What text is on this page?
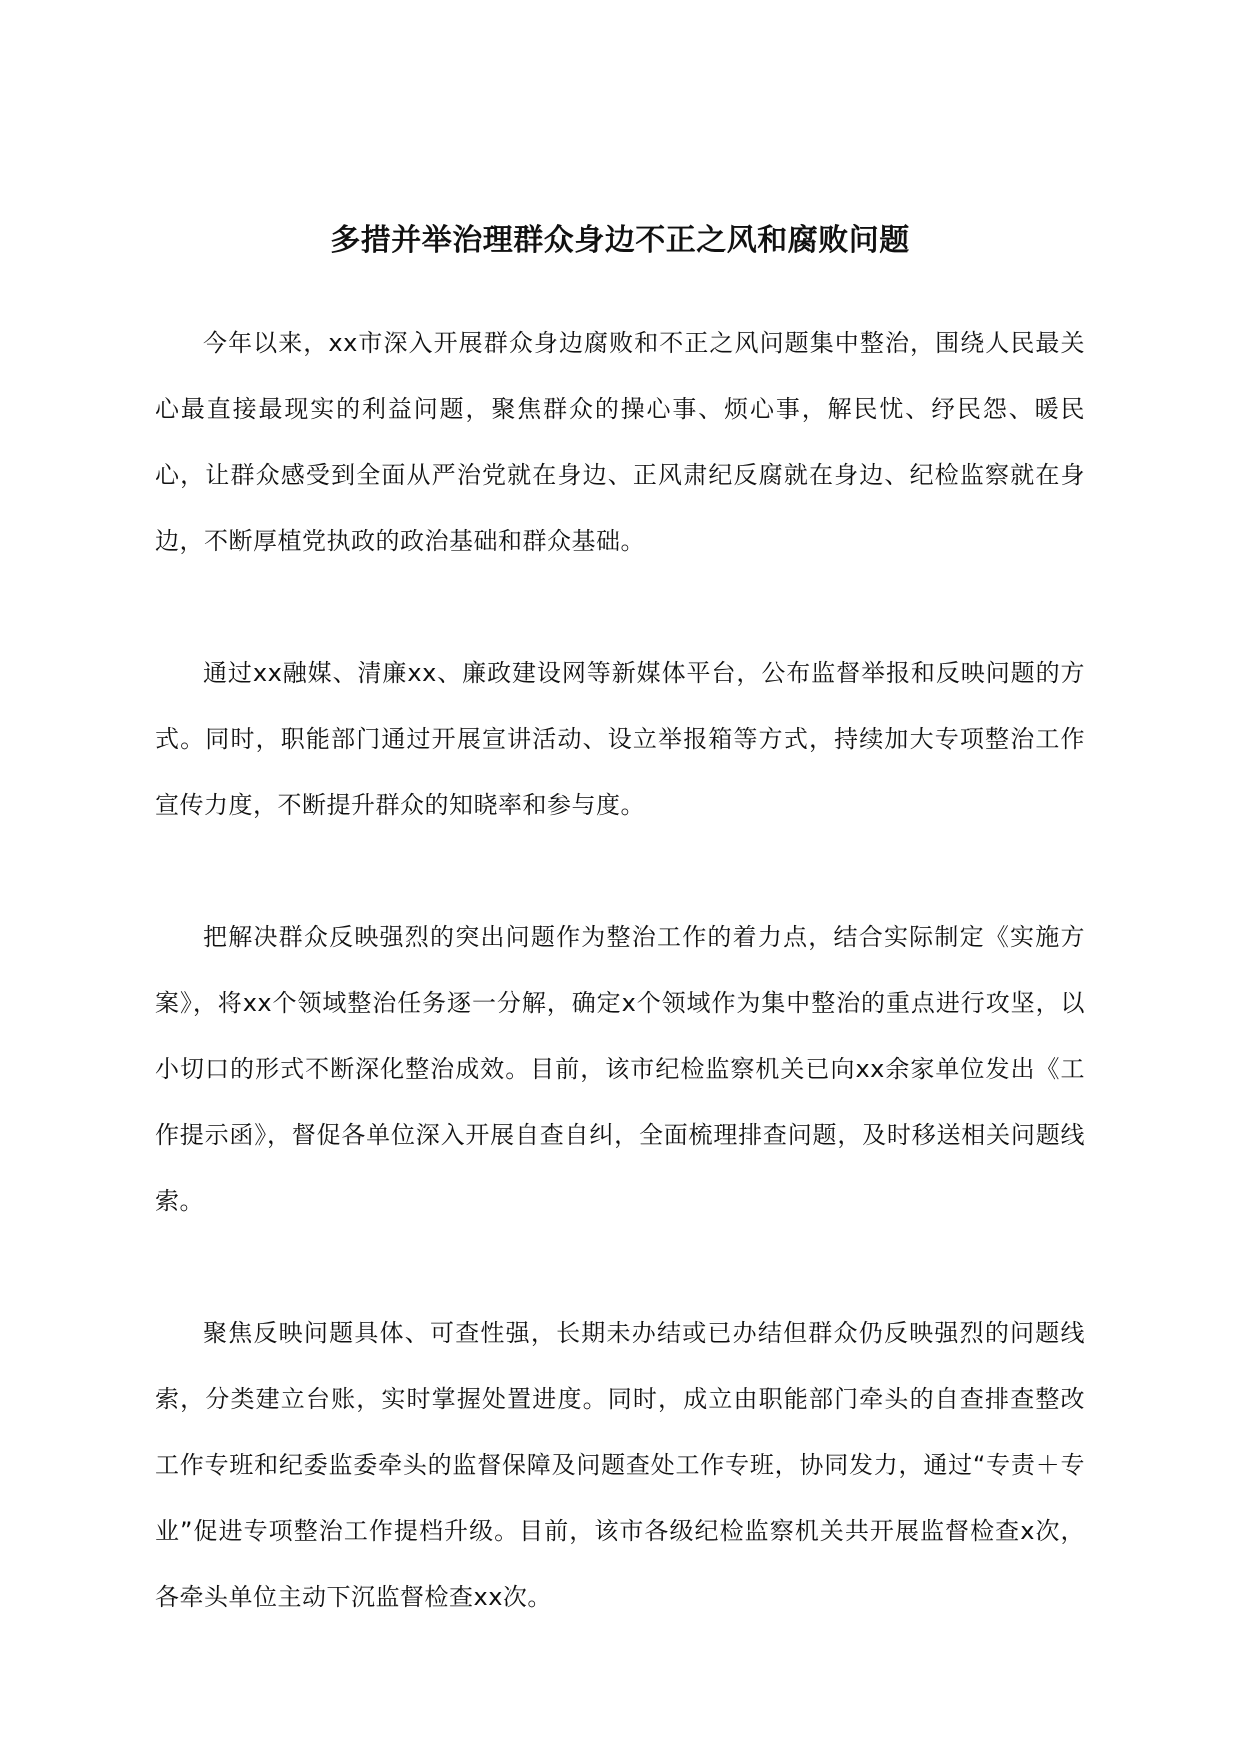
多措并举治理群众身边不正之风和腐败问题

今年以来，xx市深入开展群众身边腐败和不正之风问题集中整治，围绕人民最关心最直接最现实的利益问题，聚焦群众的操心事、烦心事，解民忧、纾民怨、暖民心，让群众感受到全面从严治党就在身边、正风肃纪反腐就在身边、纪检监察就在身边，不断厚植党执政的政治基础和群众基础。

通过xx融媒、清廉xx、廉政建设网等新媒体平台，公布监督举报和反映问题的方式。同时，职能部门通过开展宣讲活动、设立举报箱等方式，持续加大专项整治工作宣传力度，不断提升群众的知晓率和参与度。

把解决群众反映强烈的突出问题作为整治工作的着力点，结合实际制定《实施方案》，将xx个领域整治任务逐一分解，确定x个领域作为集中整治的重点进行攻坚，以小切口的形式不断深化整治成效。目前，该市纪检监察机关已向xx余家单位发出《工作提示函》，督促各单位深入开展自查自纠，全面梳理排查问题，及时移送相关问题线索。

聚焦反映问题具体、可查性强，长期未办结或已办结但群众仍反映强烈的问题线索，分类建立台账，实时掌握处置进度。同时，成立由职能部门牵头的自查排查整改工作专班和纪委监委牵头的监督保障及问题查处工作专班，协同发力，通过“专责＋专业”促进专项整治工作提档升级。目前，该市各级纪检监察机关共开展监督检查x次，各牵头单位主动下沉监督检查xx次。
